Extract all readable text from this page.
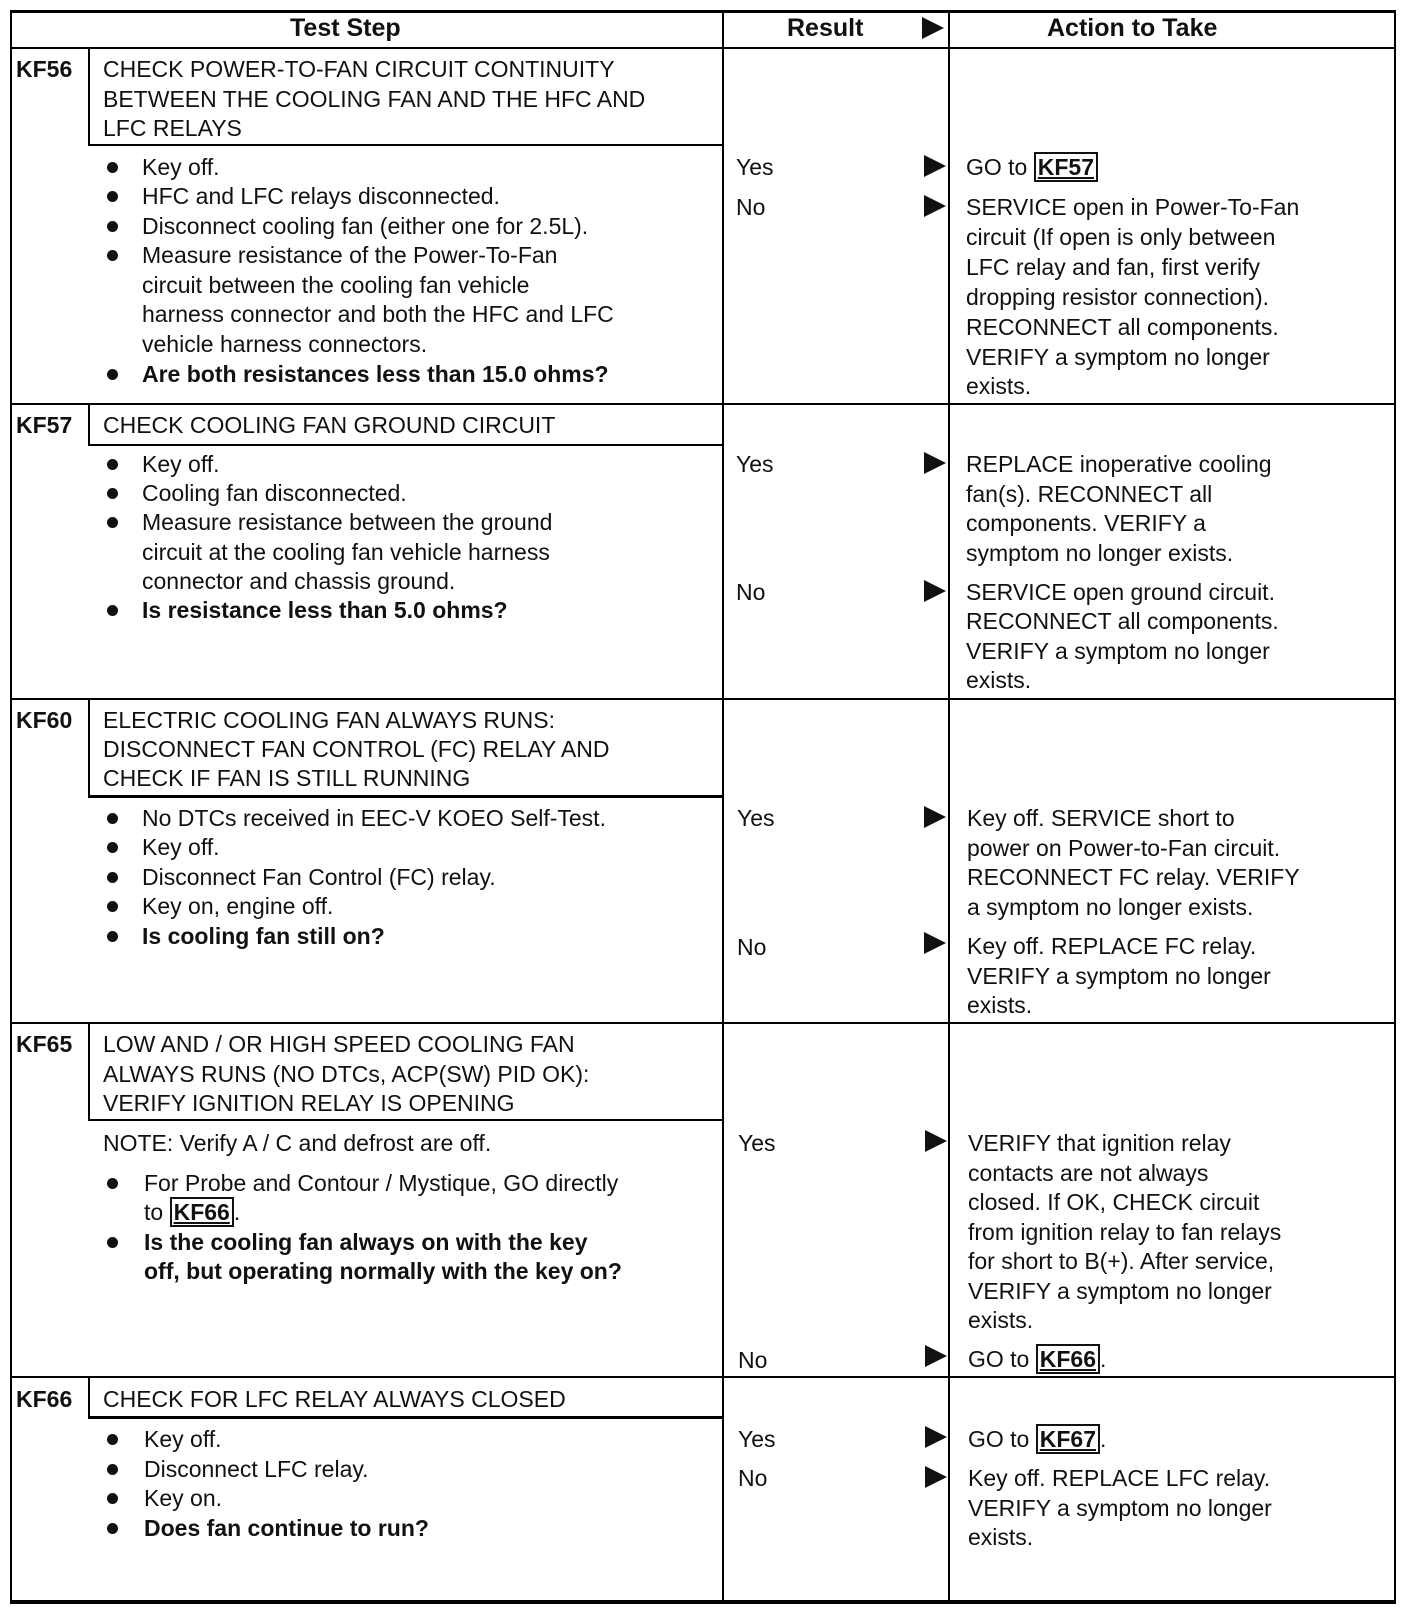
Test Step	Result	Action to Take
KF56 CHECK POWER-TO-FAN CIRCUIT CONTINUITY
BETWEEN THE COOLING FAN AND THE HFC AND
LFC RELAYS
Key off.
HFC and LFC relays disconnected.
Disconnect cooling fan (either one for 2.5L).
Measure resistance of the Power-To-Fan
circuit between the cooling fan vehicle
harness connector and both the HFC and LFC
vehicle harness connectors.
Are both resistances less than 15.0 ohms?
Yes	GO to KF57
No	SERVICE open in Power-To-Fan
circuit (If open is only between
LFC relay and fan, first verify
dropping resistor connection).
RECONNECT all components.
VERIFY a symptom no longer
exists.
KF57 CHECK COOLING FAN GROUND CIRCUIT
Key off.
Cooling fan disconnected.
Measure resistance between the ground
circuit at the cooling fan vehicle harness
connector and chassis ground.
Is resistance less than 5.0 ohms?
Yes	REPLACE inoperative cooling
fan(s). RECONNECT all
components. VERIFY a
symptom no longer exists.
No	SERVICE open ground circuit.
RECONNECT all components.
VERIFY a symptom no longer
exists.
KF60 ELECTRIC COOLING FAN ALWAYS RUNS:
DISCONNECT FAN CONTROL (FC) RELAY AND
CHECK IF FAN IS STILL RUNNING
No DTCs received in EEC-V KOEO Self-Test.
Key off.
Disconnect Fan Control (FC) relay.
Key on, engine off.
Is cooling fan still on?
Yes	Key off. SERVICE short to
power on Power-to-Fan circuit.
RECONNECT FC relay. VERIFY
a symptom no longer exists.
No	Key off. REPLACE FC relay.
VERIFY a symptom no longer
exists.
KF65 LOW AND / OR HIGH SPEED COOLING FAN
ALWAYS RUNS (NO DTCs, ACP(SW) PID OK):
VERIFY IGNITION RELAY IS OPENING
NOTE: Verify A / C and defrost are off.
For Probe and Contour / Mystique, GO directly
to KF66 .
Is the cooling fan always on with the key
off, but operating normally with the key on?
Yes	VERIFY that ignition relay
contacts are not always
closed. If OK, CHECK circuit
from ignition relay to fan relays
for short to B(+). After service,
VERIFY a symptom no longer
exists.
No	GO to KF66 .
KF66 CHECK FOR LFC RELAY ALWAYS CLOSED
Key off.
Disconnect LFC relay.
Key on.
Does fan continue to run?
Yes	GO to KF67 .
No	Key off. REPLACE LFC relay.
VERIFY a symptom no longer
exists.
